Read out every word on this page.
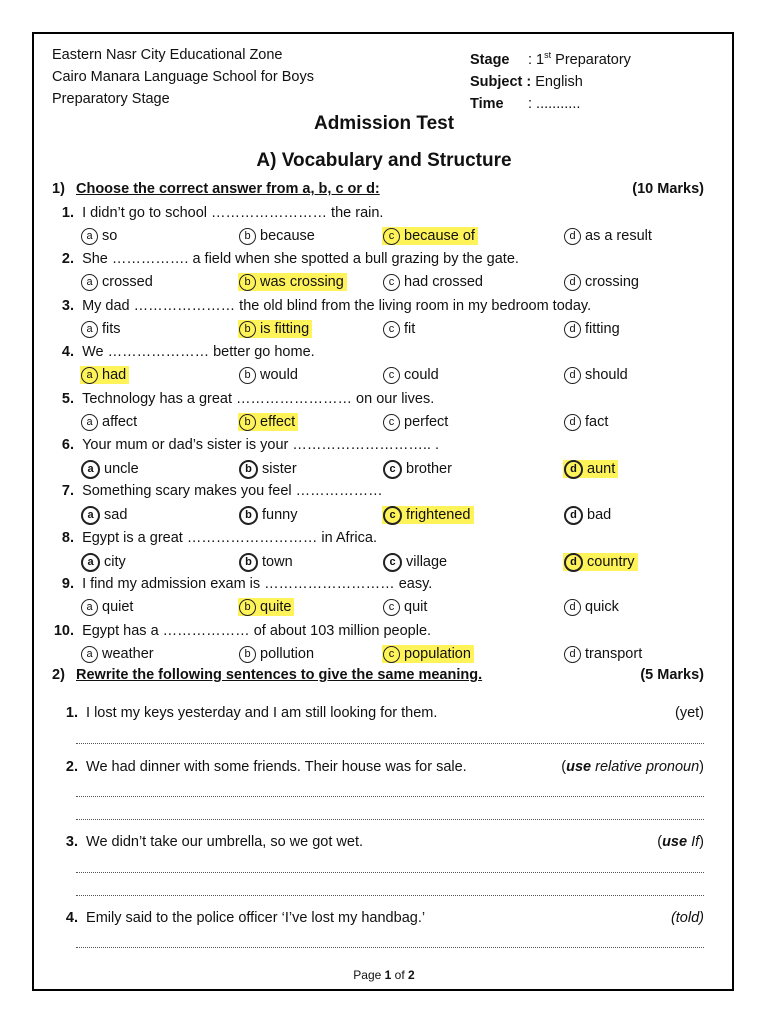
Eastern Nasr City Educational Zone
Cairo Manara Language School for Boys
Preparatory Stage
Stage : 1st Preparatory
Subject : English
Time : ...........
Admission Test
A) Vocabulary and Structure
1) Choose the correct answer from a, b, c or d:	(10 Marks)
1. I didn’t go to school …………………… the rain.
a so	b because	c because of	d as a result
2. She ……………. a field when she spotted a bull grazing by the gate.
a crossed	b was crossing	c had crossed	d crossing
3. My dad ………………… the old blind from the living room in my bedroom today.
a fits	b is fitting	c fit	d fitting
4. We ………………… better go home.
a had	b would	c could	d should
5. Technology has a great …………………… on our lives.
a affect	b effect	c perfect	d fact
6. Your mum or dad’s sister is your ……………………….. .
a uncle	b sister	c brother	d aunt
7. Something scary makes you feel ………………
a sad	b funny	c frightened	d bad
8. Egypt is a great ……………………… in Africa.
a city	b town	c village	d country
9. I find my admission exam is ……………………… easy.
a quiet	b quite	c quit	d quick
10. Egypt has a ……………… of about 103 million people.
a weather	b pollution	c population	d transport
2) Rewrite the following sentences to give the same meaning.	(5 Marks)
1. I lost my keys yesterday and I am still looking for them.	(yet)
2. We had dinner with some friends. Their house was for sale.	(use relative pronoun)
3. We didn’t take our umbrella, so we got wet.	(use If)
4. Emily said to the police officer ‘I’ve lost my handbag.’	(told)
Page 1 of 2
